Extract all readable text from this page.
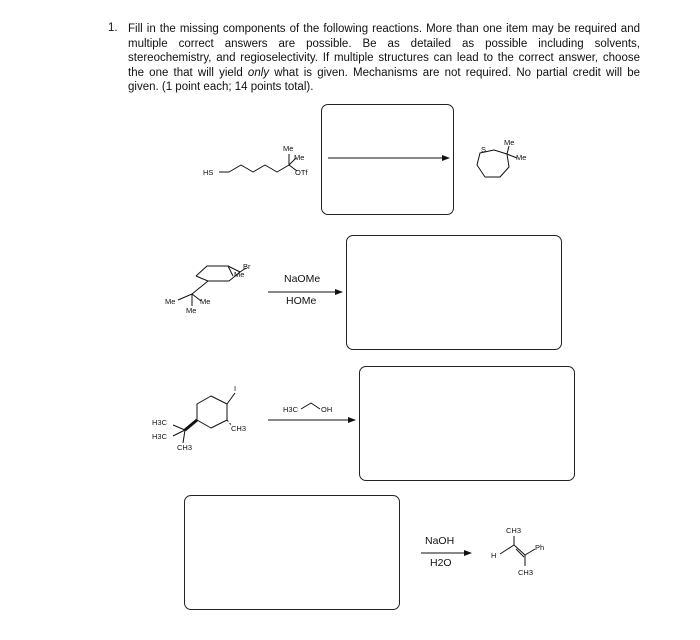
1. Fill in the missing components of the following reactions. More than one item may be required and multiple correct answers are possible. Be as detailed as possible including solvents, stereochemistry, and regioselectivity. If multiple structures can lead to the correct answer, choose the one that will yield only what is given. Mechanisms are not required. No partial credit will be given. (1 point each; 14 points total).
HS
Me
Me
OTf
S
Me
Me
Br
Me
Me	Me
Me
NaOMe
HOMe
I
CH3
H3C
H3C
CH3
H3C	OH
NaOH
H2O
CH3
H
Ph
CH3
